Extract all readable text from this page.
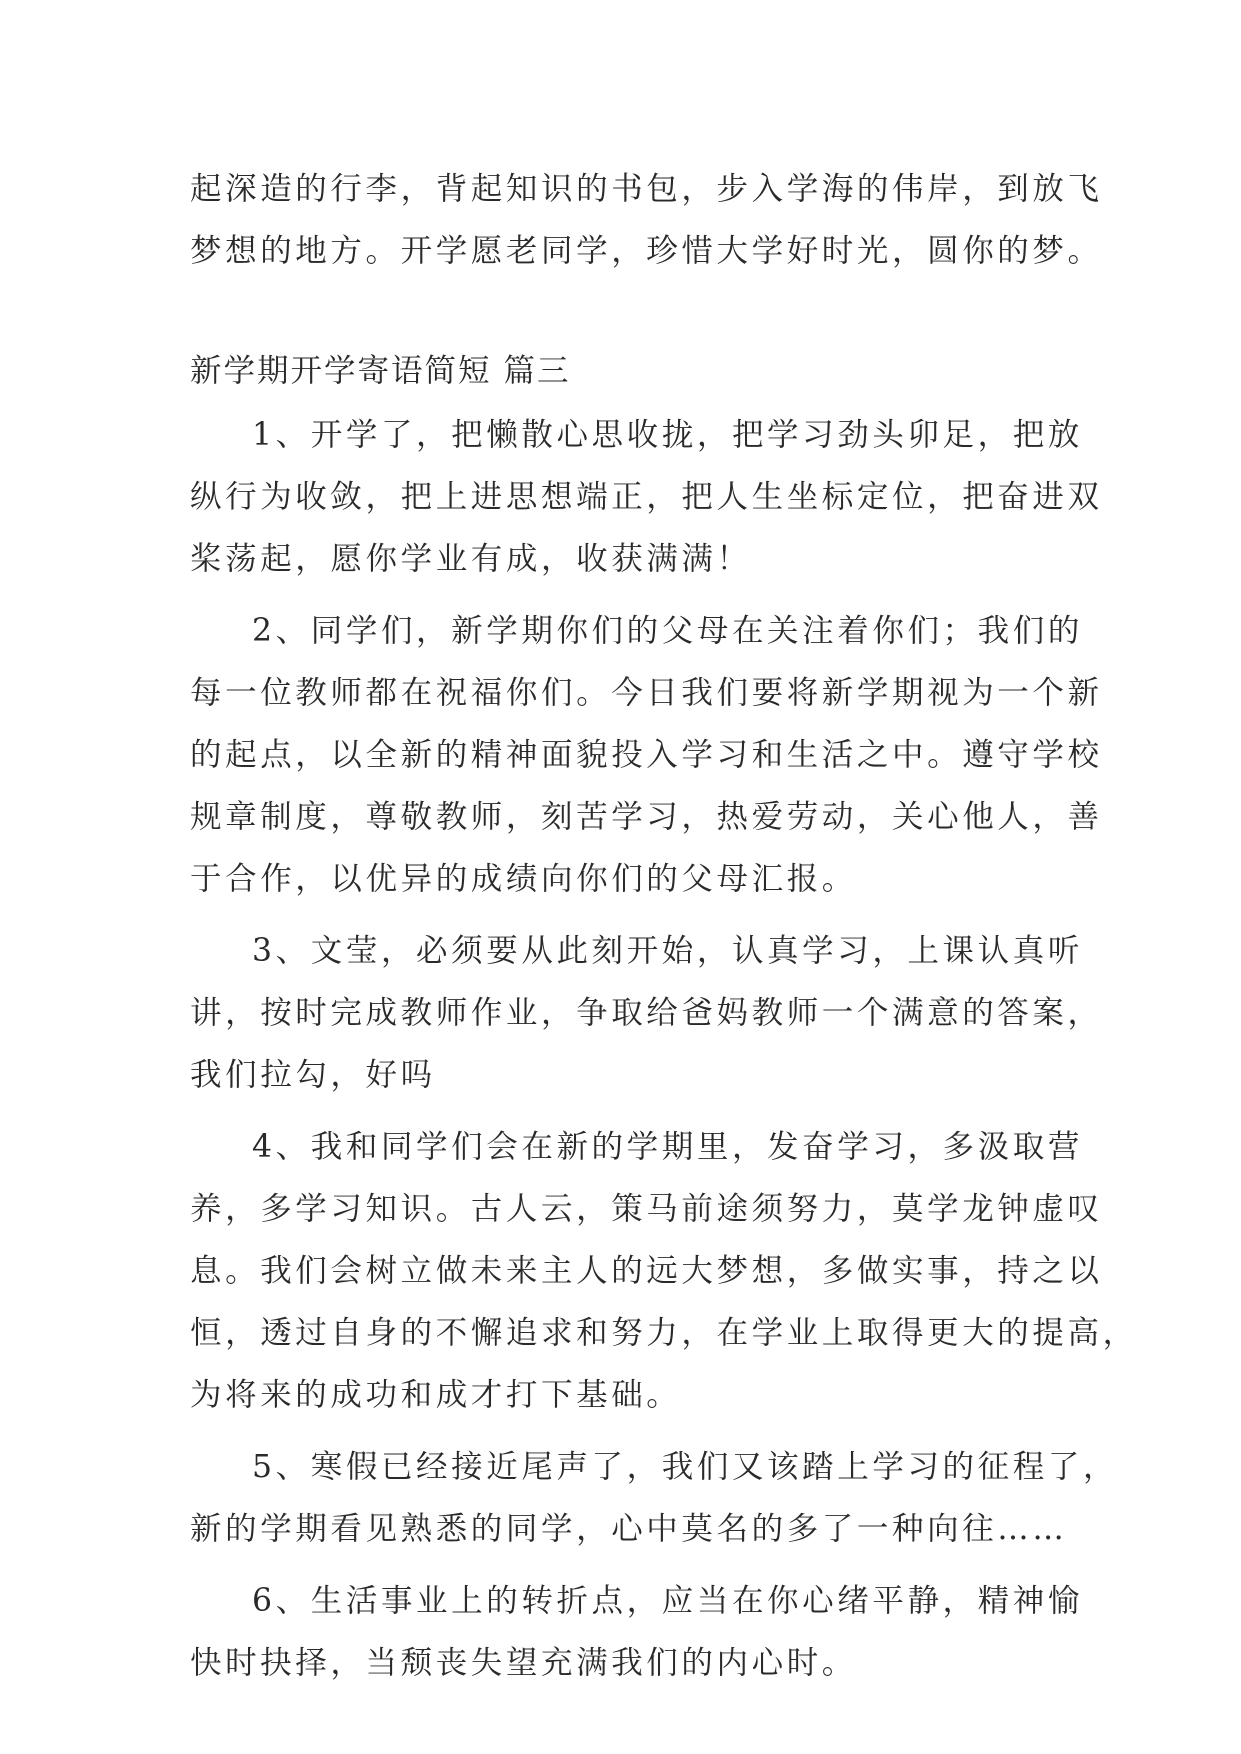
起深造的行李，背起知识的书包，步入学海的伟岸，到放飞
梦想的地方。开学愿老同学，珍惜大学好时光，圆你的梦。
新学期开学寄语简短 篇三
1、开学了，把懒散心思收拢，把学习劲头卯足，把放
纵行为收敛，把上进思想端正，把人生坐标定位，把奋进双
桨荡起，愿你学业有成，收获满满！
2、同学们，新学期你们的父母在关注着你们；我们的
每一位教师都在祝福你们。今日我们要将新学期视为一个新
的起点，以全新的精神面貌投入学习和生活之中。遵守学校
规章制度，尊敬教师，刻苦学习，热爱劳动，关心他人，善
于合作，以优异的成绩向你们的父母汇报。
3、文莹，必须要从此刻开始，认真学习，上课认真听
讲，按时完成教师作业，争取给爸妈教师一个满意的答案，
我们拉勾，好吗
4、我和同学们会在新的学期里，发奋学习，多汲取营
养，多学习知识。古人云，策马前途须努力，莫学龙钟虚叹
息。我们会树立做未来主人的远大梦想，多做实事，持之以
恒，透过自身的不懈追求和努力，在学业上取得更大的提高，
为将来的成功和成才打下基础。
5、寒假已经接近尾声了，我们又该踏上学习的征程了，
新的学期看见熟悉的同学，心中莫名的多了一种向往……
6、生活事业上的转折点，应当在你心绪平静，精神愉
快时抉择，当颓丧失望充满我们的内心时。
